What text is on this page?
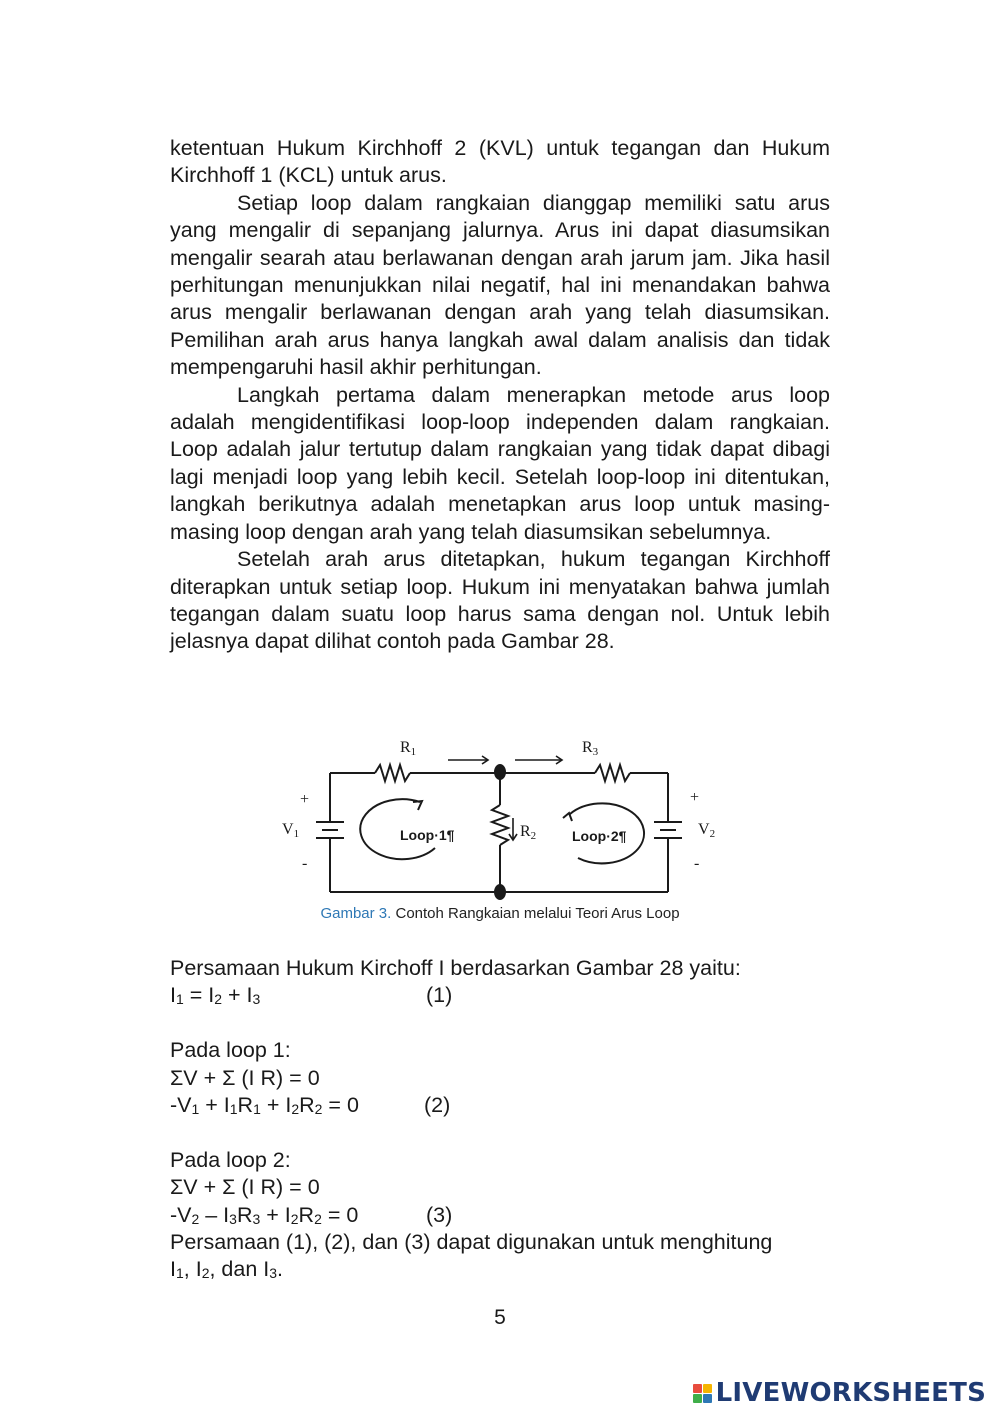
ketentuan Hukum Kirchhoff 2 (KVL) untuk tegangan dan Hukum Kirchhoff 1 (KCL) untuk arus.

Setiap loop dalam rangkaian dianggap memiliki satu arus yang mengalir di sepanjang jalurnya. Arus ini dapat diasumsikan mengalir searah atau berlawanan dengan arah jarum jam. Jika hasil perhitungan menunjukkan nilai negatif, hal ini menandakan bahwa arus mengalir berlawanan dengan arah yang telah diasumsikan. Pemilihan arah arus hanya langkah awal dalam analisis dan tidak mempengaruhi hasil akhir perhitungan.

Langkah pertama dalam menerapkan metode arus loop adalah mengidentifikasi loop-loop independen dalam rangkaian. Loop adalah jalur tertutup dalam rangkaian yang tidak dapat dibagi lagi menjadi loop yang lebih kecil. Setelah loop-loop ini ditentukan, langkah berikutnya adalah menetapkan arus loop untuk masing-masing loop dengan arah yang telah diasumsikan sebelumnya.

Setelah arah arus ditetapkan, hukum tegangan Kirchhoff diterapkan untuk setiap loop. Hukum ini menyatakan bahwa jumlah tegangan dalam suatu loop harus sama dengan nol. Untuk lebih jelasnya dapat dilihat contoh pada Gambar 28.

R1	R3
R2
V1	V2
+
-
+
-
Loop·1¶	Loop·2¶
Gambar 3. Contoh Rangkaian melalui Teori Arus Loop
Persamaan Hukum Kirchoff I berdasarkan Gambar 28 yaitu:
$I_1 = I_2 + I_3$	(1)
Pada loop 1:
ΣV + Σ (I R) = 0
$-V_1 + I_1R_1 + I_2R_2 = 0$	(2)
Pada loop 2:
ΣV + Σ (I R) = 0
$-V_2 - I_3R_3 + I_2R_2 = 0$	(3)
Persamaan (1), (2), dan (3) dapat digunakan untuk menghitung
$I_1$, $I_2$, dan $I_3$.
5
LIVEWORKSHEETS
